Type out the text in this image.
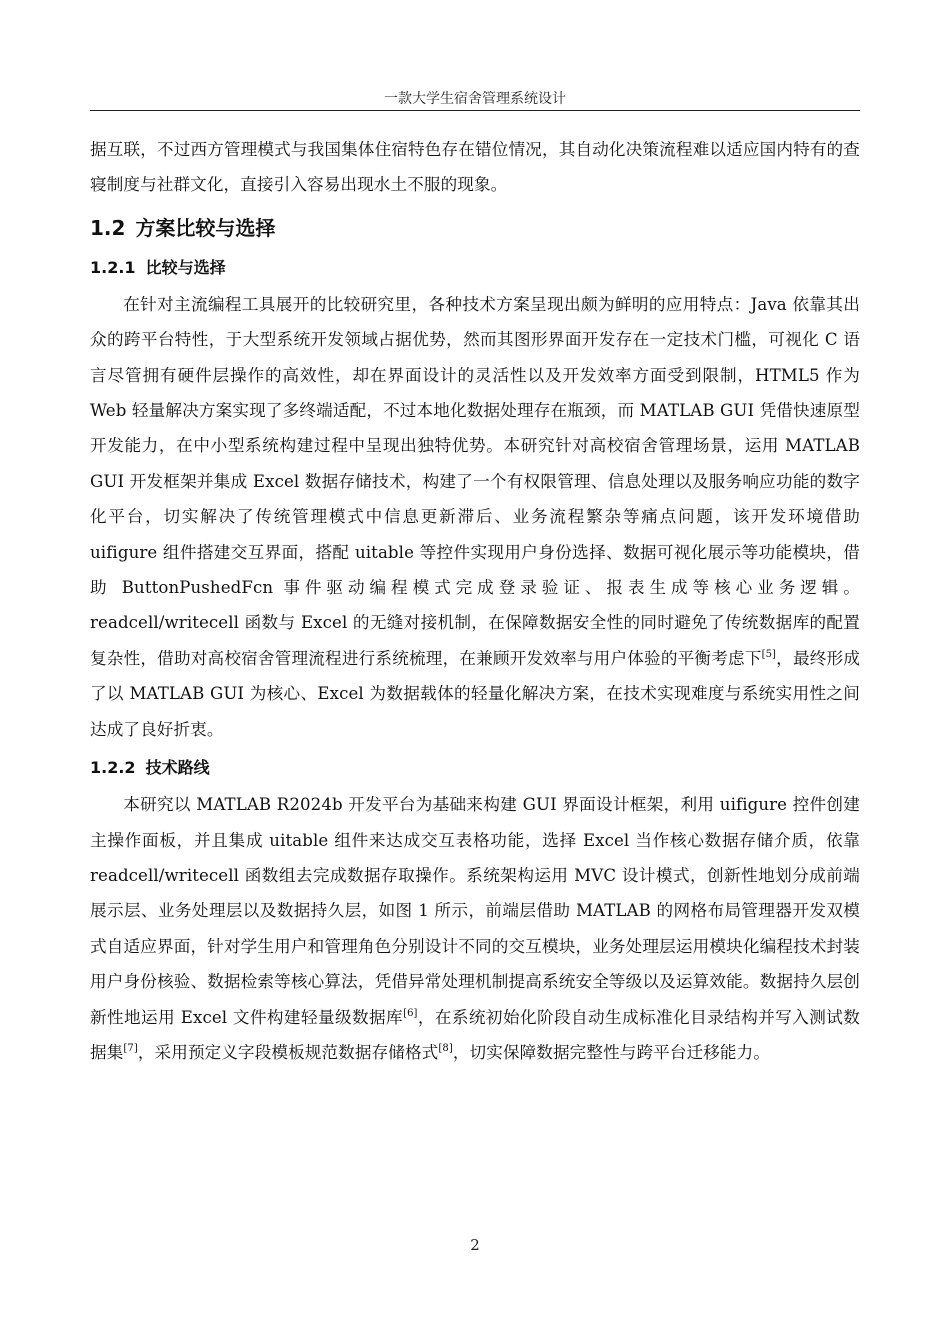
一款大学生宿舍管理系统设计

据互联，不过西方管理模式与我国集体住宿特色存在错位情况，其自动化决策流程难以适应国内特有的查寝制度与社群文化，直接引入容易出现水土不服的现象。

1.2 方案比较与选择
1.2.1 比较与选择

在针对主流编程工具展开的比较研究里，各种技术方案呈现出颇为鲜明的应用特点：Java 依靠其出众的跨平台特性，于大型系统开发领域占据优势，然而其图形界面开发存在一定技术门槛，可视化 C 语言尽管拥有硬件层操作的高效性，却在界面设计的灵活性以及开发效率方面受到限制，HTML5 作为 Web 轻量解决方案实现了多终端适配，不过本地化数据处理存在瓶颈，而 MATLAB GUI 凭借快速原型开发能力，在中小型系统构建过程中呈现出独特优势。本研究针对高校宿舍管理场景，运用 MATLAB GUI 开发框架并集成 Excel 数据存储技术，构建了一个有权限管理、信息处理以及服务响应功能的数字化平台，切实解决了传统管理模式中信息更新滞后、业务流程繁杂等痛点问题，该开发环境借助 uifigure 组件搭建交互界面，搭配 uitable 等控件实现用户身份选择、数据可视化展示等功能模块，借助 ButtonPushedFcn 事件驱动编程模式完成登录验证、报表生成等核心业务逻辑。readcell/writecell 函数与 Excel 的无缝对接机制，在保障数据安全性的同时避免了传统数据库的配置复杂性，借助对高校宿舍管理流程进行系统梳理，在兼顾开发效率与用户体验的平衡考虑下[5]，最终形成了以 MATLAB GUI 为核心、Excel 为数据载体的轻量化解决方案，在技术实现难度与系统实用性之间达成了良好折衷。

1.2.2 技术路线

本研究以 MATLAB R2024b 开发平台为基础来构建 GUI 界面设计框架，利用 uifigure 控件创建主操作面板，并且集成 uitable 组件来达成交互表格功能，选择 Excel 当作核心数据存储介质，依靠 readcell/writecell 函数组去完成数据存取操作。系统架构运用 MVC 设计模式，创新性地划分成前端展示层、业务处理层以及数据持久层，如图 1 所示，前端层借助 MATLAB 的网格布局管理器开发双模式自适应界面，针对学生用户和管理角色分别设计不同的交互模块，业务处理层运用模块化编程技术封装用户身份核验、数据检索等核心算法，凭借异常处理机制提高系统安全等级以及运算效能。数据持久层创新性地运用 Excel 文件构建轻量级数据库[6]，在系统初始化阶段自动生成标准化目录结构并写入测试数据集[7]，采用预定义字段模板规范数据存储格式[8]，切实保障数据完整性与跨平台迁移能力。

2
